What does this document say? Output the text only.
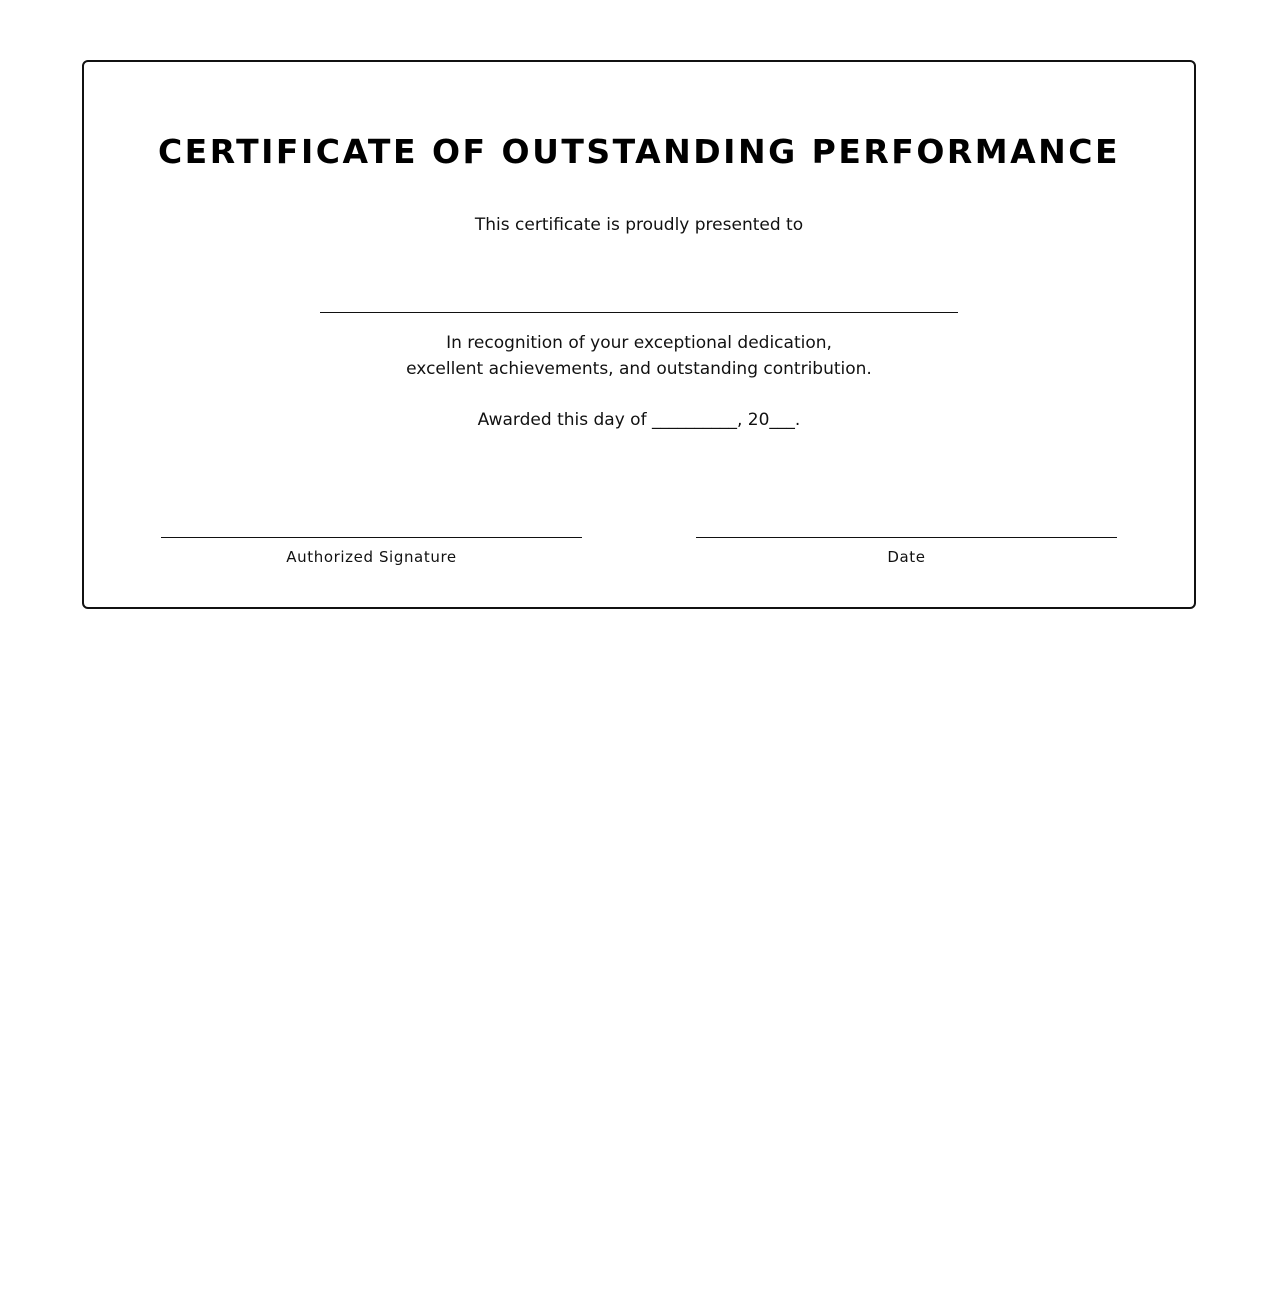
CERTIFICATE OF OUTSTANDING PERFORMANCE
This certificate is proudly presented to
In recognition of your exceptional dedication,
excellent achievements, and outstanding contribution.
Awarded this day of __________, 20___.
Authorized Signature	Date
